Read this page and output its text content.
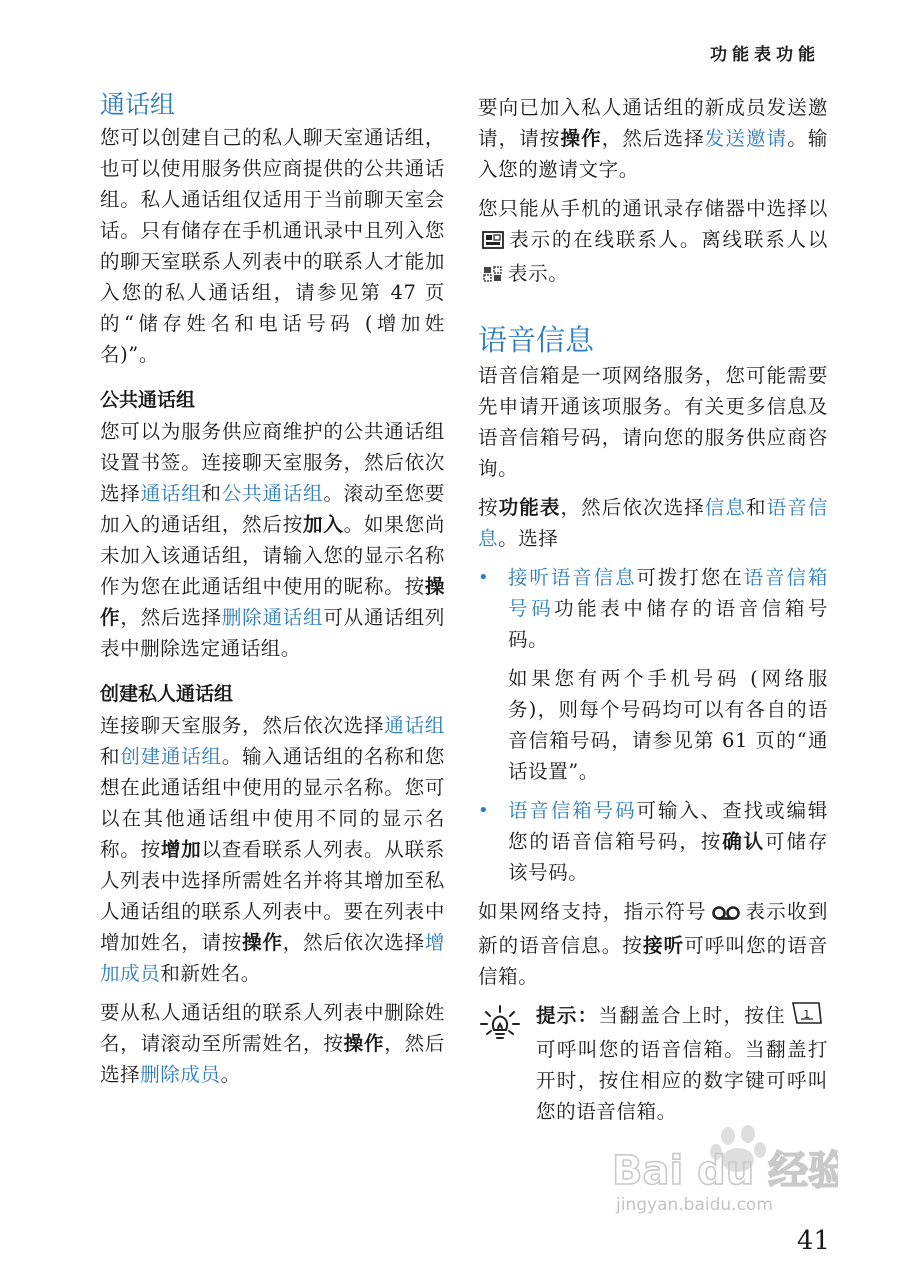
功能表功能
通话组

您可以创建自己的私人聊天室通话组，也可以使用服务供应商提供的公共通话组。私人通话组仅适用于当前聊天室会话。只有储存在手机通讯录中且列入您的聊天室联系人列表中的联系人才能加入您的私人通话组，请参见第 47 页的“储存姓名和电话号码 (增加姓名)”。

公共通话组

您可以为服务供应商维护的公共通话组设置书签。连接聊天室服务，然后依次选择通话组和公共通话组。滚动至您要加入的通话组，然后按加入。如果您尚未加入该通话组，请输入您的显示名称作为您在此通话组中使用的昵称。按操作，然后选择删除通话组可从通话组列表中删除选定通话组。

创建私人通话组

连接聊天室服务，然后依次选择通话组和创建通话组。输入通话组的名称和您想在此通话组中使用的显示名称。您可以在其他通话组中使用不同的显示名称。按增加以查看联系人列表。从联系人列表中选择所需姓名并将其增加至私人通话组的联系人列表中。要在列表中增加姓名，请按操作，然后依次选择增加成员和新姓名。

要从私人通话组的联系人列表中删除姓名，请滚动至所需姓名，按操作，然后选择删除成员。

要向已加入私人通话组的新成员发送邀请，请按操作，然后选择发送邀请。输入您的邀请文字。

您只能从手机的通讯录存储器中选择以表示的在线联系人。离线联系人以表示。

语音信息

语音信箱是一项网络服务，您可能需要先申请开通该项服务。有关更多信息及语音信箱号码，请向您的服务供应商咨询。

按功能表，然后依次选择信息和语音信息。选择

• 接听语音信息可拨打您在语音信箱号码功能表中储存的语音信箱号码。

如果您有两个手机号码 (网络服务)，则每个号码均可以有各自的语音信箱号码，请参见第 61 页的“通话设置”。

• 语音信箱号码可输入、查找或编辑您的语音信箱号码，按确认可储存该号码。

如果网络支持，指示符号 表示收到新的语音信息。按接听可呼叫您的语音信箱。

提示：当翻盖合上时，按住 1
可呼叫您的语音信箱。当翻盖打开时，按住相应的数字键可呼叫您的语音信箱。

Bai du 经验
jingyan.baidu.com
41
